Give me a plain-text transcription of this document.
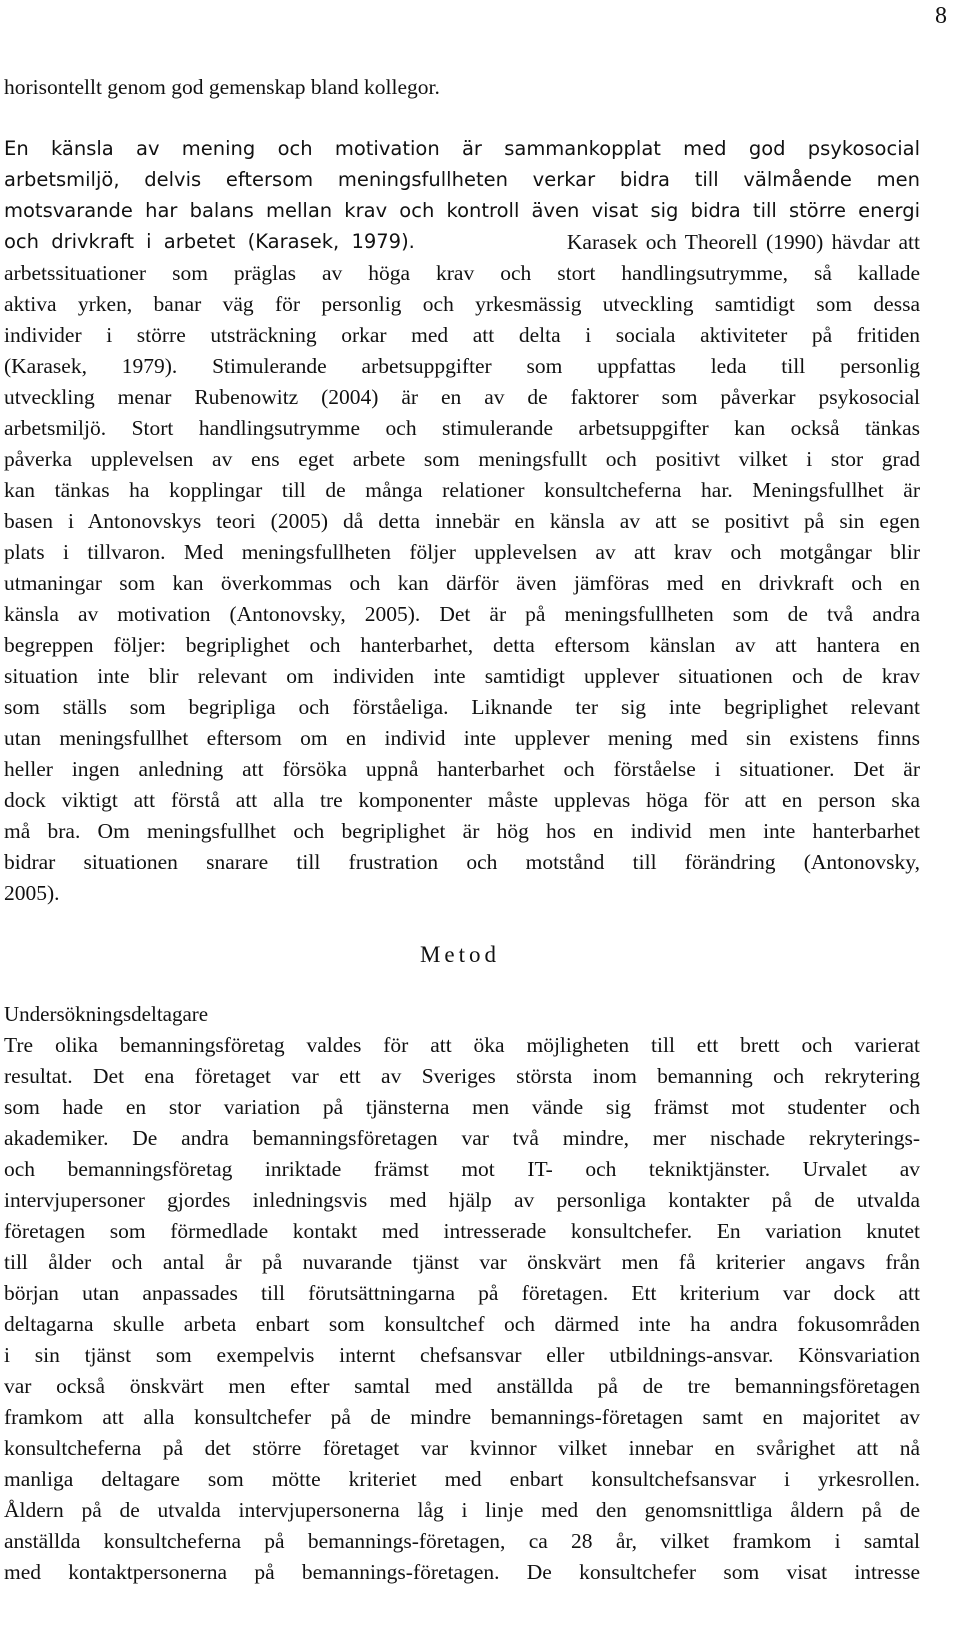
8
horisontellt genom god gemenskap bland kollegor.
En känsla av mening och motivation är sammankopplat med god psykosocial
arbetsmiljö, delvis eftersom meningsfullheten verkar bidra till välmående men
motsvarande har balans mellan krav och kontroll även visat sig bidra till större energi
och drivkraft i arbetet (Karasek, 1979).	Karasek och Theorell (1990) hävdar att
arbetssituationer som präglas av höga krav och stort handlingsutrymme, så kallade
aktiva yrken, banar väg för personlig och yrkesmässig utveckling samtidigt som dessa
individer i större utsträckning orkar med att delta i sociala aktiviteter på fritiden
(Karasek, 1979). Stimulerande arbetsuppgifter som uppfattas leda till personlig
utveckling menar Rubenowitz (2004) är en av de faktorer som påverkar psykosocial
arbetsmiljö. Stort handlingsutrymme och stimulerande arbetsuppgifter kan också tänkas
påverka upplevelsen av ens eget arbete som meningsfullt och positivt vilket i stor grad
kan tänkas ha kopplingar till de många relationer konsultcheferna har. Meningsfullhet är
basen i Antonovskys teori (2005) då detta innebär en känsla av att se positivt på sin egen
plats i tillvaron. Med meningsfullheten följer upplevelsen av att krav och motgångar blir
utmaningar som kan överkommas och kan därför även jämföras med en drivkraft och en
känsla av motivation (Antonovsky, 2005). Det är på meningsfullheten som de två andra
begreppen följer: begriplighet och hanterbarhet, detta eftersom känslan av att hantera en
situation inte blir relevant om individen inte samtidigt upplever situationen och de krav
som ställs som begripliga och förståeliga. Liknande ter sig inte begriplighet relevant
utan meningsfullhet eftersom om en individ inte upplever mening med sin existens finns
heller ingen anledning att försöka uppnå hanterbarhet och förståelse i situationer. Det är
dock viktigt att förstå att alla tre komponenter måste upplevas höga för att en person ska
må bra. Om meningsfullhet och begriplighet är hög hos en individ men inte hanterbarhet
bidrar situationen snarare till frustration och motstånd till förändring (Antonovsky,
2005).
Metod
Undersökningsdeltagare
Tre olika bemanningsföretag valdes för att öka möjligheten till ett brett och varierat
resultat. Det ena företaget var ett av Sveriges största inom bemanning och rekrytering
som hade en stor variation på tjänsterna men vände sig främst mot studenter och
akademiker. De andra bemanningsföretagen var två mindre, mer nischade rekryterings-
och bemanningsföretag inriktade främst mot IT- och tekniktjänster. Urvalet av
intervjupersoner gjordes inledningsvis med hjälp av personliga kontakter på de utvalda
företagen som förmedlade kontakt med intresserade konsultchefer. En variation knutet
till ålder och antal år på nuvarande tjänst var önskvärt men få kriterier angavs från
början utan anpassades till förutsättningarna på företagen. Ett kriterium var dock att
deltagarna skulle arbeta enbart som konsultchef och därmed inte ha andra fokusområden
i sin tjänst som exempelvis internt chefsansvar eller utbildnings-ansvar. Könsvariation
var också önskvärt men efter samtal med anställda på de tre bemanningsföretagen
framkom att alla konsultchefer på de mindre bemannings-företagen samt en majoritet av
konsultcheferna på det större företaget var kvinnor vilket innebar en svårighet att nå
manliga deltagare som mötte kriteriet med enbart konsultchefsansvar i yrkesrollen.
Åldern på de utvalda intervjupersonerna låg i linje med den genomsnittliga åldern på de
anställda konsultcheferna på bemannings-företagen, ca 28 år, vilket framkom i samtal
med kontaktpersonerna på bemannings-företagen. De konsultchefer som visat intresse
